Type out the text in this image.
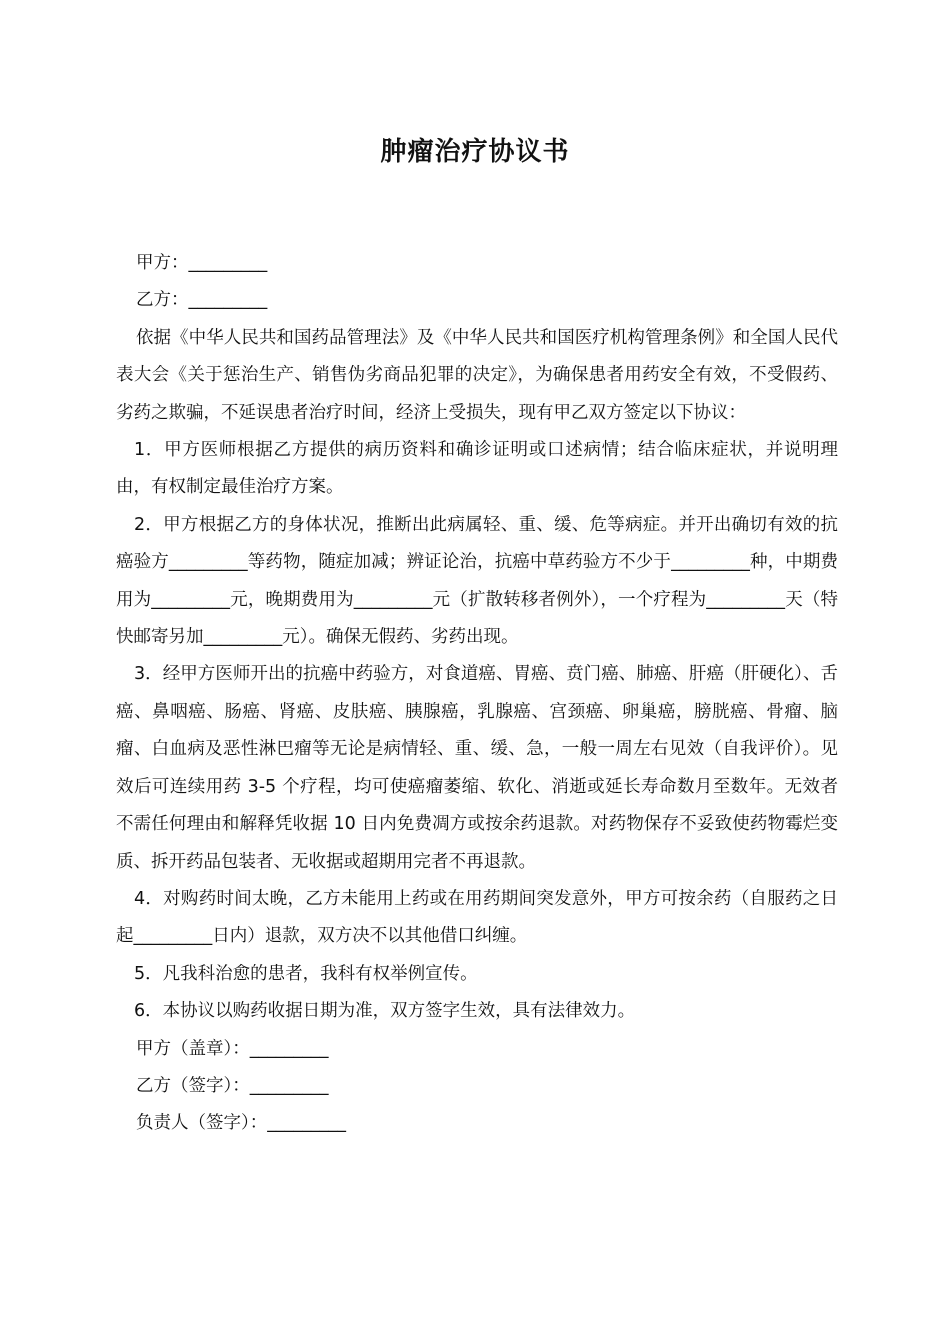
肿瘤治疗协议书

甲方：_________

乙方：_________

依据《中华人民共和国药品管理法》及《中华人民共和国医疗机构管理条例》和全国人民代表大会《关于惩治生产、销售伪劣商品犯罪的决定》，为确保患者用药安全有效，不受假药、劣药之欺骗，不延误患者治疗时间，经济上受损失，现有甲乙双方签定以下协议：

1．甲方医师根据乙方提供的病历资料和确诊证明或口述病情；结合临床症状，并说明理由，有权制定最佳治疗方案。

2．甲方根据乙方的身体状况，推断出此病属轻、重、缓、危等病症。并开出确切有效的抗癌验方_________等药物，随症加减；辨证论治，抗癌中草药验方不少于_________种，中期费用为_________元，晚期费用为_________元（扩散转移者例外），一个疗程为_________天（特快邮寄另加_________元）。确保无假药、劣药出现。

3．经甲方医师开出的抗癌中药验方，对食道癌、胃癌、贲门癌、肺癌、肝癌（肝硬化）、舌癌、鼻咽癌、肠癌、肾癌、皮肤癌、胰腺癌，乳腺癌、宫颈癌、卵巢癌，膀胱癌、骨瘤、脑瘤、白血病及恶性淋巴瘤等无论是病情轻、重、缓、急，一般一周左右见效（自我评价）。见效后可连续用药 3-5 个疗程，均可使癌瘤萎缩、软化、消逝或延长寿命数月至数年。无效者不需任何理由和解释凭收据 10 日内免费凋方或按余药退款。对药物保存不妥致使药物霉烂变质、拆开药品包装者、无收据或超期用完者不再退款。

4．对购药时间太晚，乙方未能用上药或在用药期间突发意外，甲方可按余药（自服药之日起_________日内）退款，双方决不以其他借口纠缠。

5．凡我科治愈的患者，我科有权举例宣传。

6．本协议以购药收据日期为准，双方签字生效，具有法律效力。

甲方（盖章）：_________

乙方（签字）：_________

负责人（签字）：_________
